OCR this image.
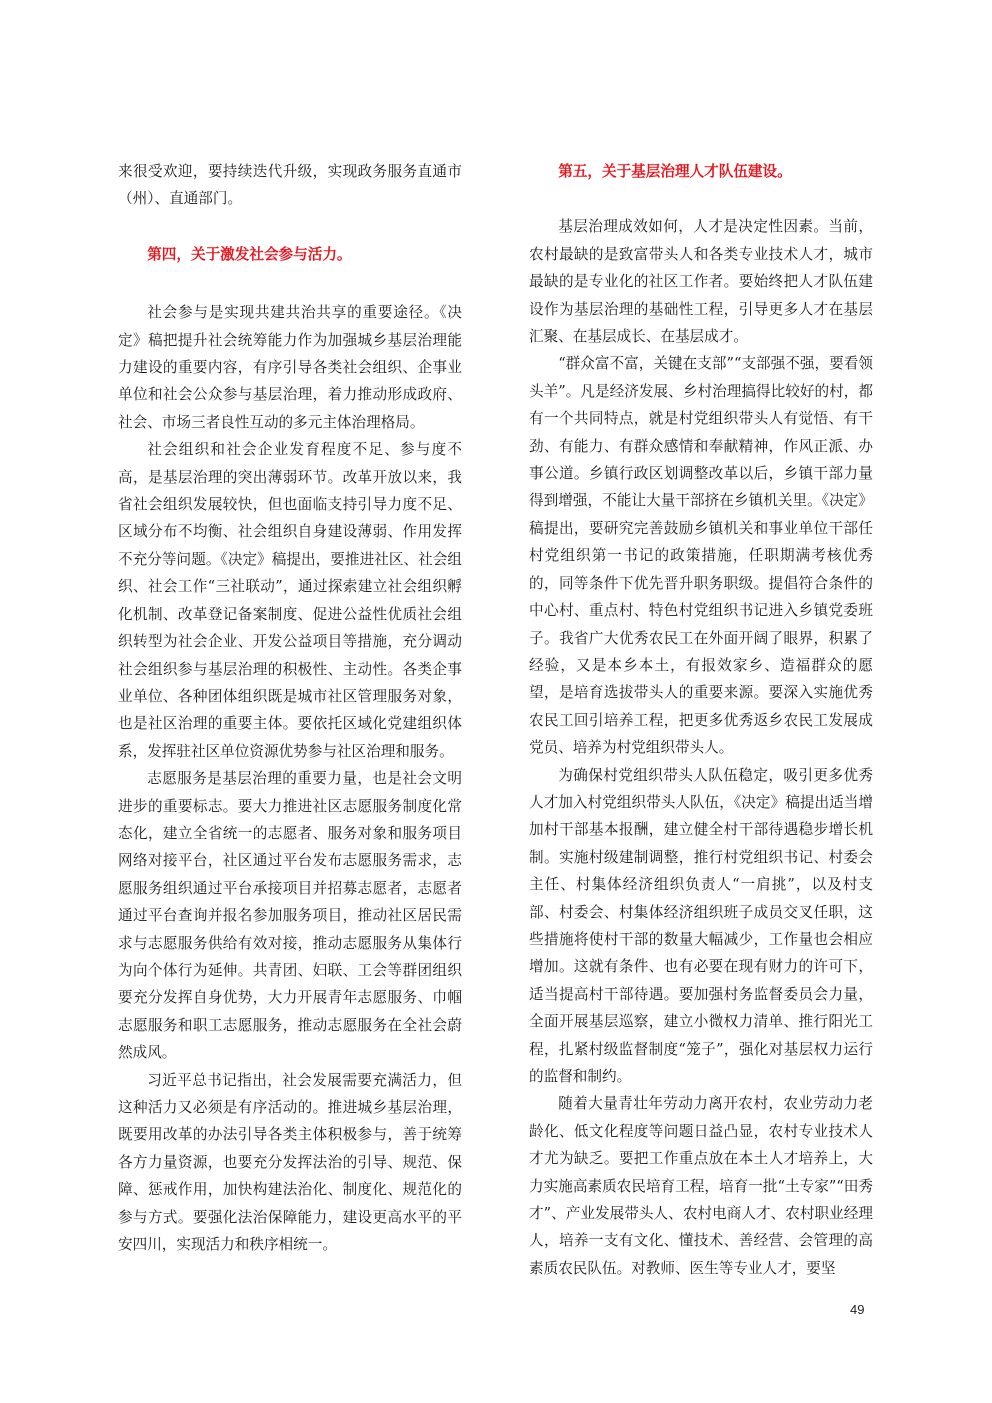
来很受欢迎，要持续迭代升级，实现政务服务直通市（州）、直通部门。

第四，关于激发社会参与活力。

社会参与是实现共建共治共享的重要途径。《决定》稿把提升社会统筹能力作为加强城乡基层治理能力建设的重要内容，有序引导各类社会组织、企事业单位和社会公众参与基层治理，着力推动形成政府、社会、市场三者良性互动的多元主体治理格局。

社会组织和社会企业发育程度不足、参与度不高，是基层治理的突出薄弱环节。改革开放以来，我省社会组织发展较快，但也面临支持引导力度不足、区域分布不均衡、社会组织自身建设薄弱、作用发挥不充分等问题。《决定》稿提出，要推进社区、社会组织、社会工作“三社联动”，通过探索建立社会组织孵化机制、改革登记备案制度、促进公益性优质社会组织转型为社会企业、开发公益项目等措施，充分调动社会组织参与基层治理的积极性、主动性。各类企事业单位、各种团体组织既是城市社区管理服务对象，也是社区治理的重要主体。要依托区域化党建组织体系，发挥驻社区单位资源优势参与社区治理和服务。

志愿服务是基层治理的重要力量，也是社会文明进步的重要标志。要大力推进社区志愿服务制度化常态化，建立全省统一的志愿者、服务对象和服务项目网络对接平台，社区通过平台发布志愿服务需求，志愿服务组织通过平台承接项目并招募志愿者，志愿者通过平台查询并报名参加服务项目，推动社区居民需求与志愿服务供给有效对接，推动志愿服务从集体行为向个体行为延伸。共青团、妇联、工会等群团组织要充分发挥自身优势，大力开展青年志愿服务、巾帼志愿服务和职工志愿服务，推动志愿服务在全社会蔚然成风。

习近平总书记指出，社会发展需要充满活力，但这种活力又必须是有序活动的。推进城乡基层治理，既要用改革的办法引导各类主体积极参与，善于统筹各方力量资源，也要充分发挥法治的引导、规范、保障、惩戒作用，加快构建法治化、制度化、规范化的参与方式。要强化法治保障能力，建设更高水平的平安四川，实现活力和秩序相统一。

第五，关于基层治理人才队伍建设。

基层治理成效如何，人才是决定性因素。当前，农村最缺的是致富带头人和各类专业技术人才，城市最缺的是专业化的社区工作者。要始终把人才队伍建设作为基层治理的基础性工程，引导更多人才在基层汇聚、在基层成长、在基层成才。

“群众富不富，关键在支部”“支部强不强，要看领头羊”。凡是经济发展、乡村治理搞得比较好的村，都有一个共同特点，就是村党组织带头人有觉悟、有干劲、有能力、有群众感情和奉献精神，作风正派、办事公道。乡镇行政区划调整改革以后，乡镇干部力量得到增强，不能让大量干部挤在乡镇机关里。《决定》稿提出，要研究完善鼓励乡镇机关和事业单位干部任村党组织第一书记的政策措施，任职期满考核优秀的，同等条件下优先晋升职务职级。提倡符合条件的中心村、重点村、特色村党组织书记进入乡镇党委班子。我省广大优秀农民工在外面开阔了眼界，积累了经验，又是本乡本土，有报效家乡、造福群众的愿望，是培育选拔带头人的重要来源。要深入实施优秀农民工回引培养工程，把更多优秀返乡农民工发展成党员、培养为村党组织带头人。

为确保村党组织带头人队伍稳定，吸引更多优秀人才加入村党组织带头人队伍，《决定》稿提出适当增加村干部基本报酬，建立健全村干部待遇稳步增长机制。实施村级建制调整，推行村党组织书记、村委会主任、村集体经济组织负责人“一肩挑”，以及村支部、村委会、村集体经济组织班子成员交叉任职，这些措施将使村干部的数量大幅减少，工作量也会相应增加。这就有条件、也有必要在现有财力的许可下，适当提高村干部待遇。要加强村务监督委员会力量，全面开展基层巡察，建立小微权力清单、推行阳光工程，扎紧村级监督制度“笼子”，强化对基层权力运行的监督和制约。

随着大量青壮年劳动力离开农村，农业劳动力老龄化、低文化程度等问题日益凸显，农村专业技术人才尤为缺乏。要把工作重点放在本土人才培养上，大力实施高素质农民培育工程，培育一批“土专家”“田秀才”、产业发展带头人、农村电商人才、农村职业经理人，培养一支有文化、懂技术、善经营、会管理的高素质农民队伍。对教师、医生等专业人才，要坚

49
